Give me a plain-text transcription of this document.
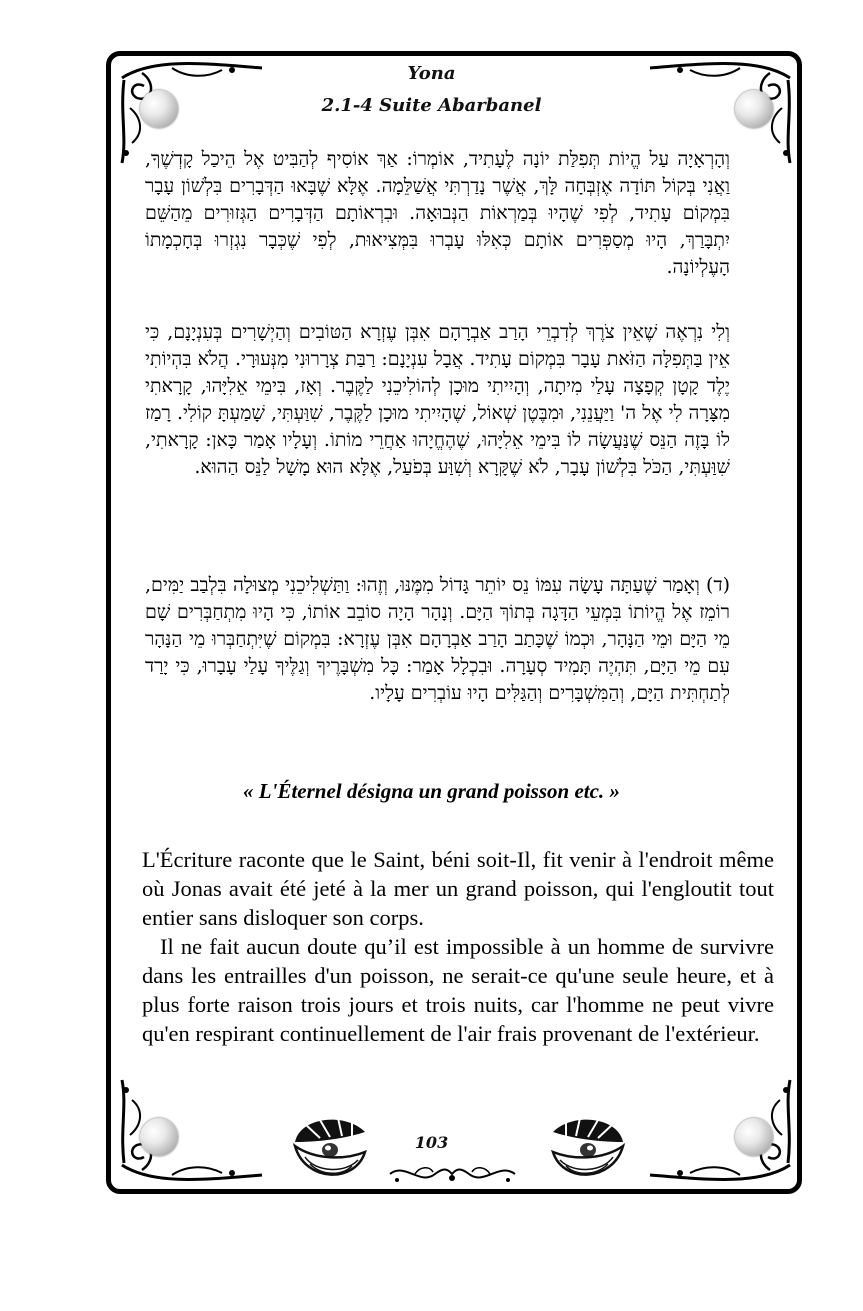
Yona
2.1-4 Suite Abarbanel

וְהָרְאָיָה עַל הֱיוֹת תְּפִלַּת יוֹנָה לֶעָתִיד, אוֹמְרוֹ: אַךְ אוֹסִיף לְהַבִּיט אֶל הֵיכַל קָדְשֶׁךָ, וַאֲנִי בְּקוֹל תּוֹדָה אֶזְבְּחָה לָּךְ, אֲשֶׁר נָדַרְתִּי אֲשַׁלֵּמָה. אֶלָּא שֶׁבָּאוּ הַדְּבָרִים בִּלְשׁוֹן עָבָר בִּמְקוֹם עָתִיד, לְפִי שֶׁהָיוּ בְּמַרְאוֹת הַנְּבוּאָה. וּבִרְאוֹתָם הַדְּבָרִים הַגְּזוּרִים מֵהַשֵּׁם יִתְבָּרַךְ, הָיוּ מְסַפְּרִים אוֹתָם כְּאִלּוּ עָבְרוּ בִּמְּצִיאוּת, לְפִי שֶׁכְּבָר נִגְזְרוּ בְּחָכְמָתוֹ הָעֶלְיוֹנָה.

וְלִי נִרְאֶה שֶׁאֵין צֹרֶךְ לְדִבְרֵי הָרַב אַבְרָהָם אִבְּן עֶזְרָא הַטּוֹבִים וְהַיְשָׁרִים בְּעִנְיָנָם, כִּי אֵין בַּתְּפִלָּה הַזֹּאת עָבָר בִּמְקוֹם עָתִיד. אֲבָל עִנְיָנָם: רַבַּת צְרָרוּנִי מִנְּעוּרָי. הֲלֹא בִּהְיוֹתִי יֶלֶד קָטָן קְפָצָה עָלַי מִיתָה, וְהָיִיתִי מוּכָן לְהוֹלִיכֵנִי לַקֶּבֶר. וְאָז, בִּימֵי אֵלִיָּהוּ, קָרָאתִי מִצָּרָה לִי אֶל ה' וַיַּעֲנֵנִי, וּמִבֶּטֶן שְׁאוֹל, שֶׁהָיִיתִי מוּכָן לַקֶּבֶר, שִׁוַּעְתִּי, שָׁמַעְתָּ קוֹלִי. רָמַז לוֹ בָּזֶה הַנֵּס שֶׁנַּעֲשָׂה לוֹ בִּימֵי אֵלִיָּהוּ, שֶׁהֶחֱיָהוּ אַחֲרֵי מוֹתוֹ. וְעָלָיו אָמַר כָּאן: קָרָאתִי, שִׁוַּעְתִּי, הַכֹּל בִּלְשׁוֹן עָבָר, לֹא שֶׁקָּרָא וְשִׁוַּע בְּפֹעַל, אֶלָּא הוּא מָשָׁל לַנֵּס הַהוּא.

(ד) וְאָמַר שֶׁעַתָּה עָשָׂה עִמּוֹ נֵס יוֹתֵר גָּדוֹל מִמֶּנּוּ, וְזֶהוּ: וַתַּשְׁלִיכֵנִי מְצוּלָה בִּלְבַב יַמִּים, רוֹמֵז אֶל הֱיוֹתוֹ בִּמְעֵי הַדָּגָה בְּתוֹךְ הַיָּם. וְנָהָר הָיָה סוֹבֵב אוֹתוֹ, כִּי הָיוּ מִתְחַבְּרִים שָׁם מֵי הַיָּם וּמֵי הַנָּהָר, וּכְמוֹ שֶׁכָּתַב הָרַב אַבְרָהָם אִבְּן עֶזְרָא: בִּמְקוֹם שֶׁיִּתְחַבְּרוּ מֵי הַנָּהָר עִם מֵי הַיָּם, תִּהְיֶה תָּמִיד סְעָרָה. וּבִכְלָל אָמַר: כָּל מִשְׁבָּרֶיךָ וְגַלֶּיךָ עָלַי עָבָרוּ, כִּי יָרַד לְתַחְתִּית הַיָּם, וְהַמִּשְׁבָּרִים וְהַגַּלִּים הָיוּ עוֹבְרִים עָלָיו.

« L'Éternel désigna un grand poisson etc. »

L'Écriture raconte que le Saint, béni soit-Il, fit venir à l'endroit même où Jonas avait été jeté à la mer un grand poisson, qui l'engloutit tout entier sans disloquer son corps.

Il ne fait aucun doute qu’il est impossible à un homme de survivre dans les entrailles d'un poisson, ne serait-ce qu'une seule heure, et à plus forte raison trois jours et trois nuits, car l'homme ne peut vivre qu'en respirant continuellement de l'air frais provenant de l'extérieur.

103
